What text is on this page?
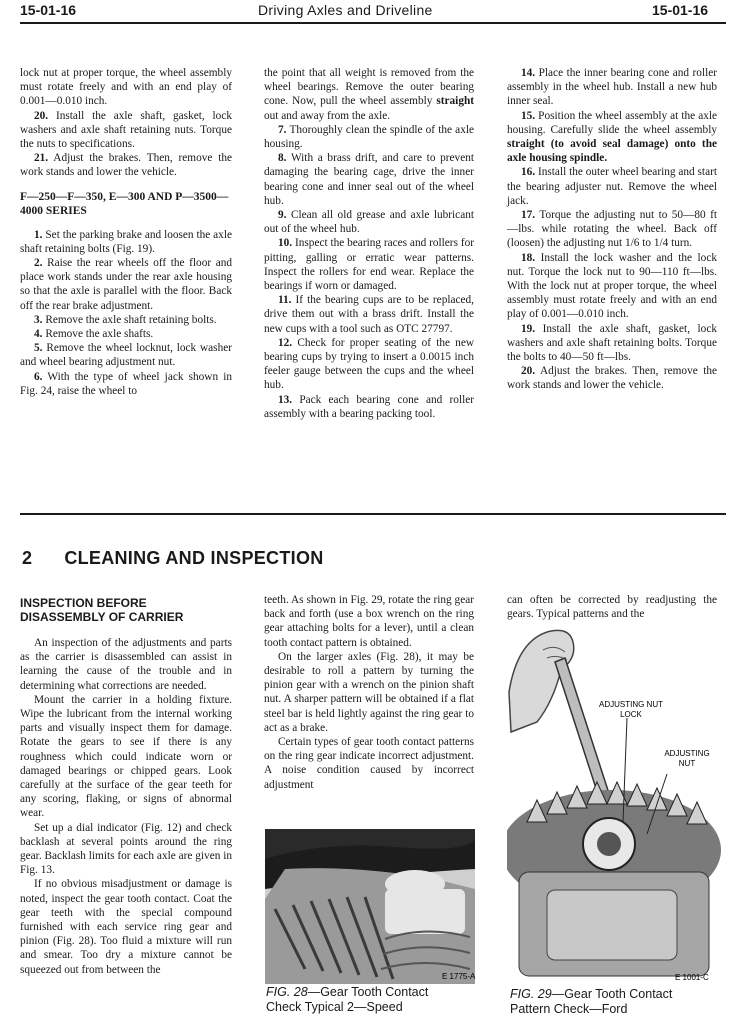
15-01-16	Driving Axles and Driveline	15-01-16

lock nut at proper torque, the wheel assembly must rotate freely and with an end play of 0.001—0.010 inch.

20. Install the axle shaft, gasket, lock washers and axle shaft retaining nuts. Torque the nuts to specifications.

21. Adjust the brakes. Then, remove the work stands and lower the vehicle.

F—250—F—350, E—300 AND P—3500—4000 SERIES

1. Set the parking brake and loosen the axle shaft retaining bolts (Fig. 19).

2. Raise the rear wheels off the floor and place work stands under the rear axle housing so that the axle is parallel with the floor. Back off the rear brake adjustment.

3. Remove the axle shaft retaining bolts.

4. Remove the axle shafts.

5. Remove the wheel locknut, lock washer and wheel bearing adjustment nut.

6. With the type of wheel jack shown in Fig. 24, raise the wheel to

the point that all weight is removed from the wheel bearings. Remove the outer bearing cone. Now, pull the wheel assembly straight out and away from the axle.

7. Thoroughly clean the spindle of the axle housing.

8. With a brass drift, and care to prevent damaging the bearing cage, drive the inner bearing cone and inner seal out of the wheel hub.

9. Clean all old grease and axle lubricant out of the wheel hub.

10. Inspect the bearing races and rollers for pitting, galling or erratic wear patterns. Inspect the rollers for end wear. Replace the bearings if worn or damaged.

11. If the bearing cups are to be replaced, drive them out with a brass drift. Install the new cups with a tool such as OTC 27797.

12. Check for proper seating of the new bearing cups by trying to insert a 0.0015 inch feeler gauge between the cups and the wheel hub.

13. Pack each bearing cone and roller assembly with a bearing packing tool.

14. Place the inner bearing cone and roller assembly in the wheel hub. Install a new hub inner seal.

15. Position the wheel assembly at the axle housing. Carefully slide the wheel assembly straight (to avoid seal damage) onto the axle housing spindle.

16. Install the outer wheel bearing and start the bearing adjuster nut. Remove the wheel jack.

17. Torque the adjusting nut to 50—80 ft—lbs. while rotating the wheel. Back off (loosen) the adjusting nut 1/6 to 1/4 turn.

18. Install the lock washer and the lock nut. Torque the lock nut to 90—110 ft—lbs. With the lock nut at proper torque, the wheel assembly must rotate freely and with an end play of 0.001—0.010 inch.

19. Install the axle shaft, gasket, lock washers and axle shaft retaining bolts. Torque the bolts to 40—50 ft—lbs.

20. Adjust the brakes. Then, remove the work stands and lower the vehicle.

2 CLEANING AND INSPECTION

INSPECTION BEFORE
DISASSEMBLY OF CARRIER

An inspection of the adjustments and parts as the carrier is disassembled can assist in learning the cause of the trouble and in determining what corrections are needed.

Mount the carrier in a holding fixture. Wipe the lubricant from the internal working parts and visually inspect them for damage. Rotate the gears to see if there is any roughness which could indicate worn or damaged bearings or chipped gears. Look carefully at the surface of the gear teeth for any scoring, flaking, or signs of abnormal wear.

Set up a dial indicator (Fig. 12) and check backlash at several points around the ring gear. Backlash limits for each axle are given in Fig. 13.

If no obvious misadjustment or damage is noted, inspect the gear tooth contact. Coat the gear teeth with the special compound furnished with each service ring gear and pinion (Fig. 28). Too fluid a mixture will run and smear. Too dry a mixture cannot be squeezed out from between the

teeth. As shown in Fig. 29, rotate the ring gear back and forth (use a box wrench on the ring gear attaching bolts for a lever), until a clean tooth contact pattern is obtained.

On the larger axles (Fig. 28), it may be desirable to roll a pattern by turning the pinion gear with a wrench on the pinion shaft nut. A sharper pattern will be obtained if a flat steel bar is held lightly against the ring gear to act as a brake.

Certain types of gear tooth contact patterns on the ring gear indicate incorrect adjustment. A noise condition caused by incorrect adjustment

can often be corrected by readjusting the gears. Typical patterns and the

E 1775-A
FIG. 28—Gear Tooth Contact
Check Typical 2—Speed
ADJUSTING NUT
LOCK
ADJUSTING
NUT
E 1001-C
FIG. 29—Gear Tooth Contact
Pattern Check—Ford
